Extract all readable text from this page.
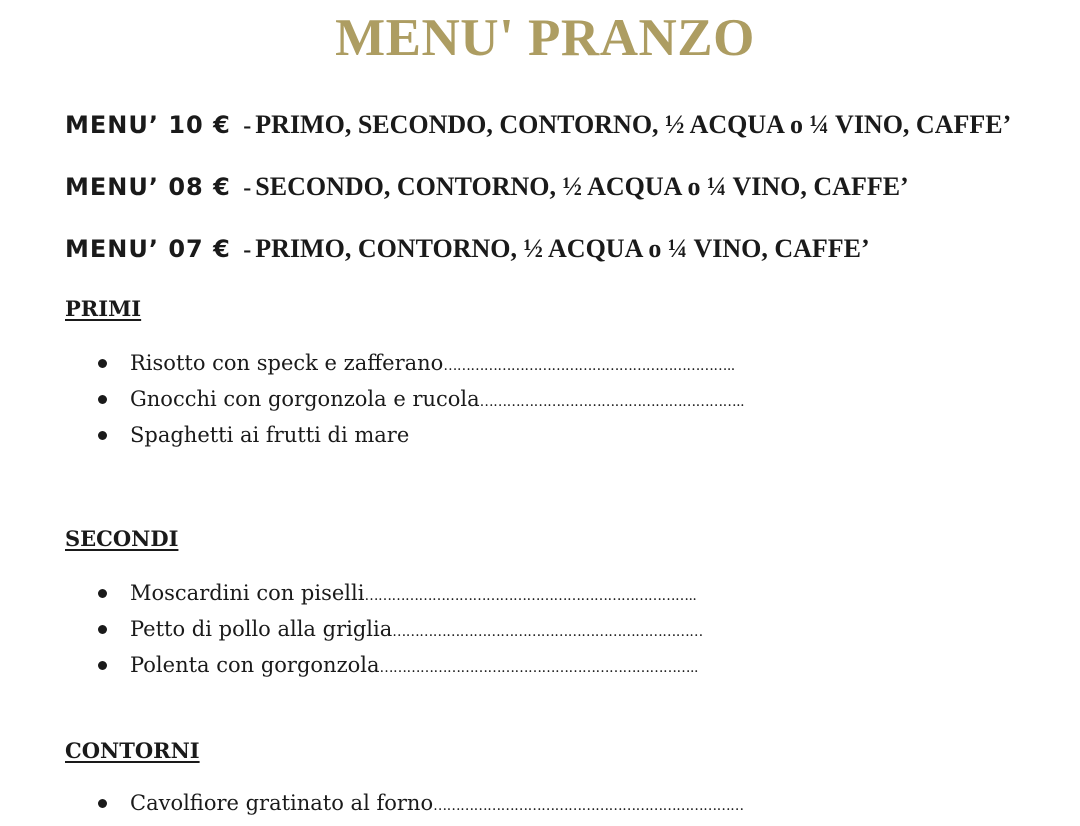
MENU' PRANZO
MENU’ 10 € - PRIMO, SECONDO, CONTORNO, ½ ACQUA o ¼ VINO, CAFFE’
MENU’ 08 € - SECONDO, CONTORNO, ½ ACQUA o ¼ VINO, CAFFE’
MENU’ 07 € - PRIMO, CONTORNO, ½ ACQUA o ¼ VINO, CAFFE’
PRIMI
Risotto con speck e zafferano………………………………………………………..
Gnocchi con gorgonzola e rucola…………………………………………………..
Spaghetti ai frutti di mare
SECONDI
Moscardini con piselli………………………………………………………………..
Petto di pollo alla griglia……………………………………………………………
Polenta con gorgonzola……………………………………………………………..
CONTORNI
Cavolfiore gratinato al forno……………………………………………………………
